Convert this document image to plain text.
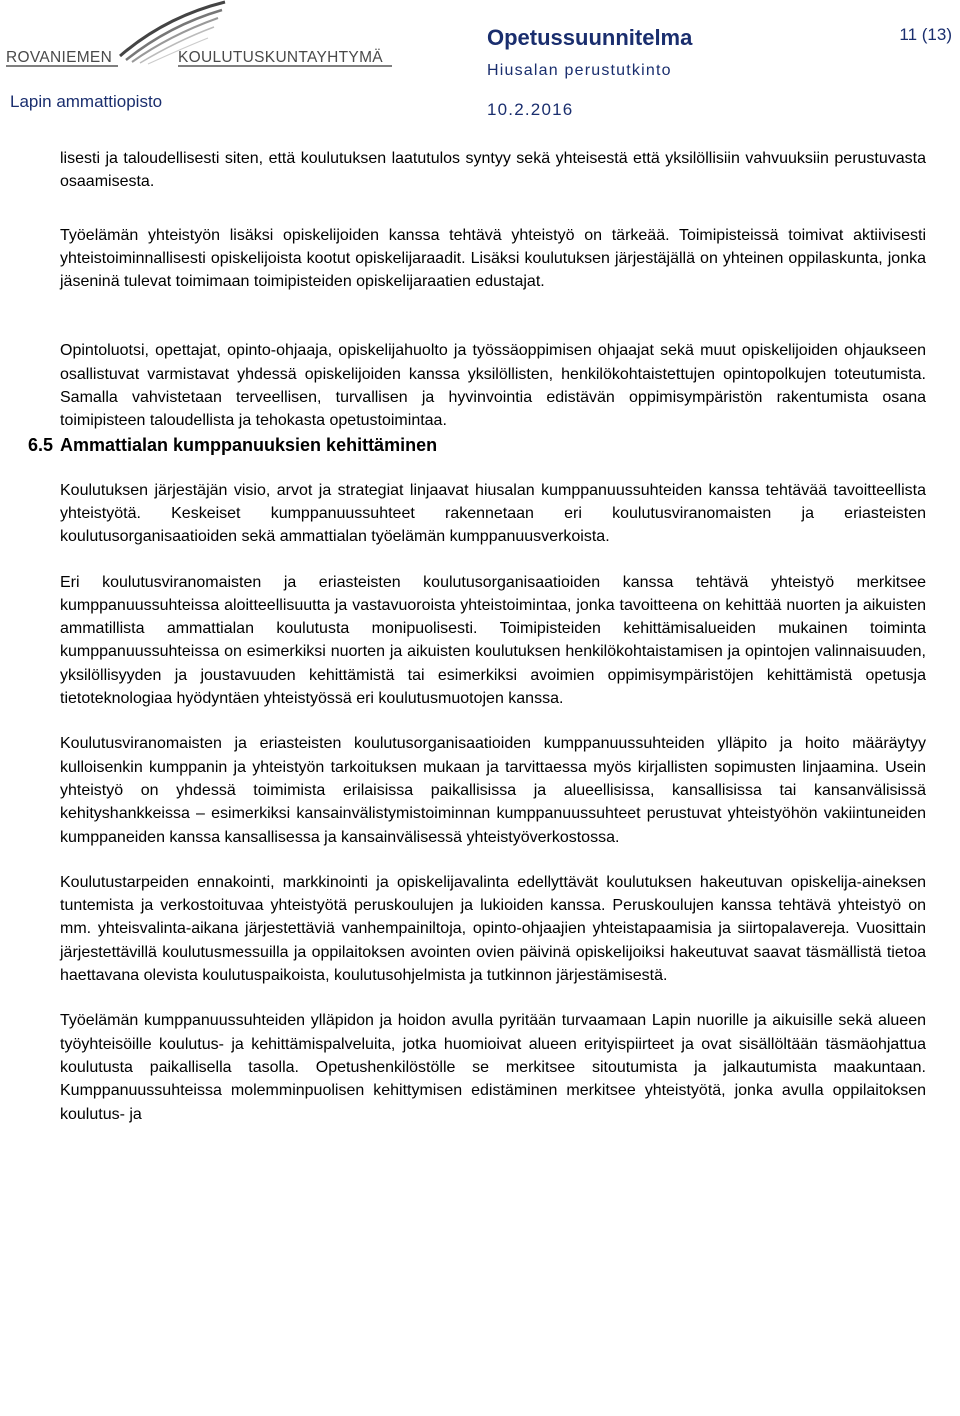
ROVANIEMEN	KOULUTUSKUNTAYHTYMÄ
Lapin ammattiopisto
Opetussuunnitelma
Hiusalan perustutkinto
10.2.2016
11 (13)

lisesti ja taloudellisesti siten, että koulutuksen laatutulos syntyy sekä yhteisestä että yksilöllisiin vahvuuksiin perustuvasta osaamisesta.

Työelämän yhteistyön lisäksi opiskelijoiden kanssa tehtävä yhteistyö on tärkeää. Toimipisteissä toimivat aktiivisesti yhteistoiminnallisesti opiskelijoista kootut opiskelijaraadit. Lisäksi koulutuksen järjestäjällä on yhteinen oppilaskunta, jonka jäseninä tulevat toimimaan toimipisteiden opiskelijaraatien edustajat.

Opintoluotsi, opettajat, opinto-ohjaaja, opiskelijahuolto ja työssäoppimisen ohjaajat sekä muut opiskelijoiden ohjaukseen osallistuvat varmistavat yhdessä opiskelijoiden kanssa yksilöllisten, henkilökohtaistettujen opintopolkujen toteutumista. Samalla vahvistetaan terveellisen, turvallisen ja hyvinvointia edistävän oppimisympäristön rakentumista osana toimipisteen taloudellista ja tehokasta opetustoimintaa.

6.5 Ammattialan kumppanuuksien kehittäminen

Koulutuksen järjestäjän visio, arvot ja strategiat linjaavat hiusalan kumppanuussuhteiden kanssa tehtävää tavoitteellista yhteistyötä. Keskeiset kumppanuussuhteet rakennetaan eri koulutusviranomaisten ja eriasteisten koulutusorganisaatioiden sekä ammattialan työelämän kumppanuusverkoista.

Eri koulutusviranomaisten ja eriasteisten koulutusorganisaatioiden kanssa tehtävä yhteistyö merkitsee kumppanuussuhteissa aloitteellisuutta ja vastavuoroista yhteistoimintaa, jonka tavoitteena on kehittää nuorten ja aikuisten ammatillista ammattialan koulutusta monipuolisesti. Toimipisteiden kehittämisalueiden mukainen toiminta kumppanuussuhteissa on esimerkiksi nuorten ja aikuisten koulutuksen henkilökohtaistamisen ja opintojen valinnaisuuden, yksilöllisyyden ja joustavuuden kehittämistä tai esimerkiksi avoimien oppimisympäristöjen kehittämistä opetusja tietoteknologiaa hyödyntäen yhteistyössä eri koulutusmuotojen kanssa.

Koulutusviranomaisten ja eriasteisten koulutusorganisaatioiden kumppanuussuhteiden ylläpito ja hoito määräytyy kulloisenkin kumppanin ja yhteistyön tarkoituksen mukaan ja tarvittaessa myös kirjallisten sopimusten linjaamina. Usein yhteistyö on yhdessä toimimista erilaisissa paikallisissa ja alueellisissa, kansallisissa tai kansanvälisissä kehityshankkeissa – esimerkiksi kansainvälistymistoiminnan kumppanuussuhteet perustuvat yhteistyöhön vakiintuneiden kumppaneiden kanssa kansallisessa ja kansainvälisessä yhteistyöverkostossa.

Koulutustarpeiden ennakointi, markkinointi ja opiskelijavalinta edellyttävät koulutuksen hakeutuvan opiskelija-aineksen tuntemista ja verkostoituvaa yhteistyötä peruskoulujen ja lukioiden kanssa. Peruskoulujen kanssa tehtävä yhteistyö on mm. yhteisvalinta-aikana järjestettäviä vanhempainiltoja, opinto-ohjaajien yhteistapaamisia ja siirtopalavereja. Vuosittain järjestettävillä koulutusmessuilla ja oppilaitoksen avointen ovien päivinä opiskelijoiksi hakeutuvat saavat täsmällistä tietoa haettavana olevista koulutuspaikoista, koulutusohjelmista ja tutkinnon järjestämisestä.

Työelämän kumppanuussuhteiden ylläpidon ja hoidon avulla pyritään turvaamaan Lapin nuorille ja aikuisille sekä alueen työyhteisöille koulutus- ja kehittämispalveluita, jotka huomioivat alueen erityispiirteet ja ovat sisällöltään täsmäohjattua koulutusta paikallisella tasolla. Opetushenkilöstölle se merkitsee sitoutumista ja jalkautumista maakuntaan. Kumppanuussuhteissa molemminpuolisen kehittymisen edistäminen merkitsee yhteistyötä, jonka avulla oppilaitoksen koulutus- ja
